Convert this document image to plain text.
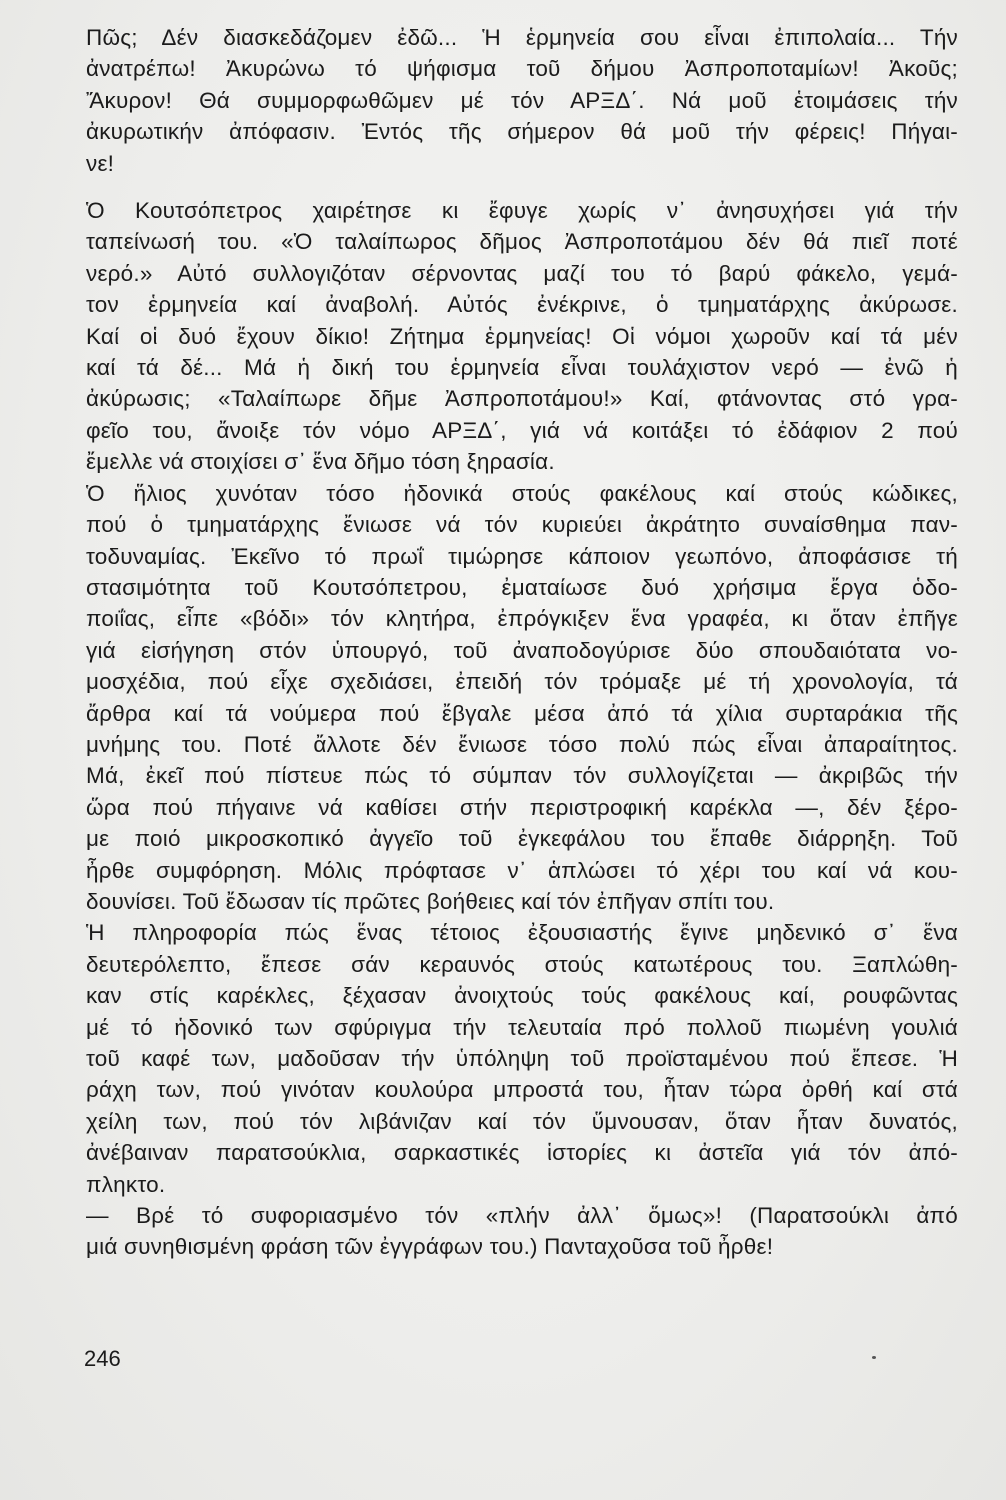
Πῶς; Δέν διασκεδάζομεν ἐδῶ... Ἡ ἑρμηνεία σου εἶναι ἐπιπολαία... Τήν
ἀνατρέπω! Ἀκυρώνω τό ψήφισμα τοῦ δήμου Ἀσπροποταμίων! Ἀκοῦς;
Ἄκυρον! Θά συμμορφωθῶμεν μέ τόν ΑΡΞΔ΄. Νά μοῦ ἑτοιμάσεις τήν
ἀκυρωτικήν ἀπόφασιν. Ἐντός τῆς σήμερον θά μοῦ τήν φέρεις! Πήγαι-
νε!
Ὁ Κουτσόπετρος χαιρέτησε κι ἔφυγε χωρίς ν᾽ ἀνησυχήσει γιά τήν
ταπείνωσή του. «Ὁ ταλαίπωρος δῆμος Ἀσπροποτάμου δέν θά πιεῖ ποτέ
νερό.» Αὐτό συλλογιζόταν σέρνοντας μαζί του τό βαρύ φάκελο, γεμά-
τον ἑρμηνεία καί ἀναβολή. Αὐτός ἐνέκρινε, ὁ τμηματάρχης ἀκύρωσε.
Καί οἱ δυό ἔχουν δίκιο! Ζήτημα ἑρμηνείας! Οἱ νόμοι χωροῦν καί τά μέν
καί τά δέ... Μά ἡ δική του ἑρμηνεία εἶναι τουλάχιστον νερό — ἐνῶ ἡ
ἀκύρωσις; «Ταλαίπωρε δῆμε Ἀσπροποτάμου!» Καί, φτάνοντας στό γρα-
φεῖο του, ἄνοιξε τόν νόμο ΑΡΞΔ΄, γιά νά κοιτάξει τό ἐδάφιον 2 πού
ἔμελλε νά στοιχίσει σ᾽ ἕνα δῆμο τόση ξηρασία.
Ὁ ἥλιος χυνόταν τόσο ἡδονικά στούς φακέλους καί στούς κώδικες,
πού ὁ τμηματάρχης ἔνιωσε νά τόν κυριεύει ἀκράτητο συναίσθημα παν-
τοδυναμίας. Ἐκεῖνο τό πρωΐ τιμώρησε κάποιον γεωπόνο, ἀποφάσισε τή
στασιμότητα τοῦ Κουτσόπετρου, ἐματαίωσε δυό χρήσιμα ἔργα ὁδο-
ποιΐας, εἶπε «βόδι» τόν κλητήρα, ἐπρόγκιξεν ἕνα γραφέα, κι ὅταν ἐπῆγε
γιά εἰσήγηση στόν ὑπουργό, τοῦ ἀναποδογύρισε δύο σπουδαιότατα νο-
μοσχέδια, πού εἶχε σχεδιάσει, ἐπειδή τόν τρόμαξε μέ τή χρονολογία, τά
ἄρθρα καί τά νούμερα πού ἔβγαλε μέσα ἀπό τά χίλια συρταράκια τῆς
μνήμης του. Ποτέ ἄλλοτε δέν ἔνιωσε τόσο πολύ πώς εἶναι ἀπαραίτητος.
Μά, ἐκεῖ πού πίστευε πώς τό σύμπαν τόν συλλογίζεται — ἀκριβῶς τήν
ὥρα πού πήγαινε νά καθίσει στήν περιστροφική καρέκλα —, δέν ξέρο-
με ποιό μικροσκοπικό ἀγγεῖο τοῦ ἐγκεφάλου του ἔπαθε διάρρηξη. Τοῦ
ἦρθε συμφόρηση. Μόλις πρόφτασε ν᾽ ἁπλώσει τό χέρι του καί νά κου-
δουνίσει. Τοῦ ἔδωσαν τίς πρῶτες βοήθειες καί τόν ἐπῆγαν σπίτι του.
Ἡ πληροφορία πώς ἕνας τέτοιος ἐξουσιαστής ἔγινε μηδενικό σ᾽ ἕνα
δευτερόλεπτο, ἔπεσε σάν κεραυνός στούς κατωτέρους του. Ξαπλώθη-
καν στίς καρέκλες, ξέχασαν ἀνοιχτούς τούς φακέλους καί, ρουφῶντας
μέ τό ἡδονικό των σφύριγμα τήν τελευταία πρό πολλοῦ πιωμένη γουλιά
τοῦ καφέ των, μαδοῦσαν τήν ὑπόληψη τοῦ προϊσταμένου πού ἔπεσε. Ἡ
ράχη των, πού γινόταν κουλούρα μπροστά του, ἦταν τώρα ὀρθή καί στά
χείλη των, πού τόν λιβάνιζαν καί τόν ὕμνουσαν, ὅταν ἦταν δυνατός,
ἀνέβαιναν παρατσούκλια, σαρκαστικές ἱστορίες κι ἀστεῖα γιά τόν ἀπό-
πληκτο.
— Βρέ τό συφοριασμένο τόν «πλήν ἀλλ᾽ ὅμως»! (Παρατσούκλι ἀπό
μιά συνηθισμένη φράση τῶν ἐγγράφων του.) Πανταχοῦσα τοῦ ἦρθε!
246
